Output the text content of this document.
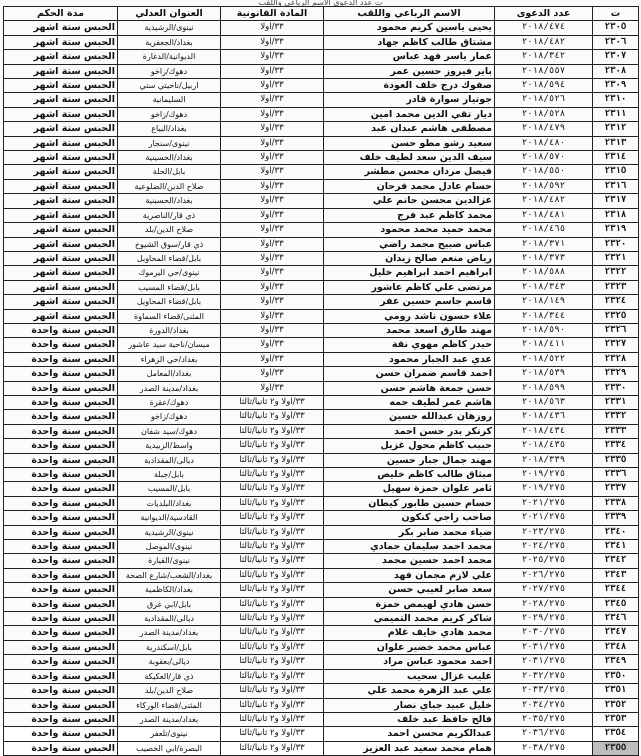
ت عدد الدعوى الاسم الرباعي واللقب
ت	عدد الدعوى	الاسم الرباعي واللقب	المادة القانونية	العنوان العدلي	مدة الحكم
٢٣٠٥	٢٠١٨/٤٧٤	يحيى ياسين كريم محمود	٣٣/اولا	نينوى/الرشيدية	الحبس ستة اشهر
٢٣٠٦	٢٠١٨/٤٨٢	مشتاق طالب كاظم جهاد	٣٣/اولا	بغداد/الجعفرية	الحبس ستة اشهر
٢٣٠٧	٢٠١٨/٣٤٢	عمار ياسر فهد عباس	٣٣/اولا	الديوانية/الدغارة	الحبس ستة اشهر
٢٣٠٨	٢٠١٨/٥٥٧	باير فيروز حسين عمر	٣٣/اولا	دهوك/زاخو	الحبس ستة اشهر
٢٣٠٩	٢٠١٨/٥٩٤	صفوك درج خلف العودة	٣٣/اولا	اربيل/ناحيتي ستي	الحبس ستة اشهر
٢٣١٠	٢٠١٨/٥٢٦	جوتيار سوارة قادر	٣٣/اولا	السليمانية	الحبس ستة اشهر
٢٣١١	٢٠١٨/٥٢٨	ديار تقي الدين محمد امين	٣٣/اولا	دهوك/زاخو	الحبس ستة اشهر
٢٣١٢	٢٠١٨/٤٧٩	مصطفى هاشم عبدان عبد	٣٣/اولا	بغداد/البياع	الحبس ستة اشهر
٢٣١٣	٢٠١٨/٤٨٠	سعيد رشو مطو حسن	٣٣/اولا	نينوى/سنجار	الحبس ستة اشهر
٢٣١٤	٢٠١٨/٥٧٠	سيف الدين سعد لطيف خلف	٣٣/اولا	بغداد/الحسينية	الحبس ستة اشهر
٢٣١٥	٢٠١٨/٥٥٠	فيصل مردان محسن مطشر	٣٣/اولا	بابل/الحلة	الحبس ستة اشهر
٢٣١٦	٢٠١٨/٥٩٢	حسام عادل محمد فرحان	٣٣/اولا	صلاح الدين/الضلوعية	الحبس ستة اشهر
٢٣١٧	٢٠١٨/٤٨٢	عزالدين محسن حاتم علي	٣٣/اولا	بغداد/الحسينية	الحبس ستة اشهر
٢٣١٨	٢٠١٨/٤٨١	محمد كاظم عبد فرج	٣٣/اولا	ذي قار/الناصرية	الحبس ستة اشهر
٢٣١٩	٢٠١٨/٤٦٥	محمد حميد محمد محمود	٣٣/اولا	صلاح الدين/بلد	الحبس ستة اشهر
٢٣٢٠	٢٠١٨/٣٧١	عباس صبيح محمد راضي	٣٣/اولا	ذي قار/سوق الشيوخ	الحبس ستة اشهر
٢٣٢١	٢٠١٨/٣٧٣	رياض منعم صالح زيدان	٣٣/اولا	بابل/قضاء المحاويل	الحبس ستة اشهر
٢٣٢٢	٢٠١٨/٥٨٨	ابراهيم احمد ابراهيم خليل	٣٣/اولا	نينوى/حي اليرموك	الحبس ستة اشهر
٢٣٢٣	٢٠١٨/٣٤٣	مرتضى علي كاظم عاشور	٣٣/اولا	بابل/قضاء المسيب	الحبس ستة اشهر
٢٣٢٤	٢٠١٨/١٤٩	قاسم جاسم حسين عفر	٣٣/اولا	بابل/قضاء المحاويل	الحبس ستة اشهر
٢٣٢٥	٢٠١٨/٣٤٤	علاء حسون ناشد رومي	٣٣/اولا	المثنى/قضاء السماوة	الحبس ستة اشهر
٢٣٢٦	٢٠١٨/٥٩٠	مهند طارق اسعد محمد	٣٣/اولا	بغداد/الدورة	الحبس سنة واحدة
٢٣٢٧	٢٠١٨/٤١١	حيدر كاظم مهوي نقة	٣٣/اولا	ميسان/ناحية سيد عاشور	الحبس سنة واحدة
٢٣٢٨	٢٠١٨/٥٢٢	عدي عبد الجبار محمود	٣٣/اولا	بغداد/حي الزهراء	الحبس سنة واحدة
٢٣٢٩	٢٠١٨/٥٣٩	احمد قاسم ضمران حسن	٣٣/اولا	بغداد/المعامل	الحبس سنة واحدة
٢٣٣٠	٢٠١٨/٥٩٩	حسن جمعة هاشم حسن	٣٣/اولا	بغداد/مدينة الصدر	الحبس سنة واحدة
٢٣٣١	٢٠١٨/٥٦٣	هاشم عمر لطيف حمه	٣٣/اولا و٢ ثانيا/ثالثا	دهوك/عقرة	الحبس سنة واحدة
٢٣٣٢	٢٠١٨/٤٣٦	روزهان عبدالله حسين	٣٣/اولا و٢ ثانيا/ثالثا	دهوك/زاخو	الحبس سنة واحدة
٢٣٣٣	٢٠١٨/٤٣٤	كرنكر بدر حسن احمد	٣٣/اولا و٢ ثانيا/ثالثا	دهوك/سيد شفان	الحبس سنة واحدة
٢٣٣٤	٢٠١٨/٤٣٥	حبيب كاظم محول غزيل	٣٣/اولا و٢ ثانيا/ثالثا	واسط/الزبيدية	الحبس سنة واحدة
٢٣٣٥	٢٠١٨/٣٣٩	مهند جمال جبار حسين	٣٣/اولا و٢ ثانيا/ثالثا	ديالى/المقدادية	الحبس سنة واحدة
٢٣٣٦	٢٠١٩/٢٧٥	ميثاق طالب كاظم خليص	٣٣/اولا و٢ ثانيا/ثالثا	بابل/جبلة	الحبس سنة واحدة
٢٣٣٧	٢٠١٩/٢٧٥	ثامر علوان حمزة سهيل	٣٣/اولا و٢ ثانيا/ثالثا	بابل/المسيب	الحبس سنة واحدة
٢٣٣٨	٢٠٢١/٢٧٥	حسام حسين طابور كيطان	٣٣/اولا و٢ ثانيا/ثالثا	بغداد/البلديات	الحبس سنة واحدة
٢٣٣٩	٢٠٢١/٢٧٥	صاحب راجي كنكون	٣٣/اولا و٢ ثانيا/ثالثا	القادسية/الديوانية	الحبس سنة واحدة
٢٣٤٠	٢٠٢٣/٢٧٥	ضياء محمد صابر بكر	٣٣/اولا و٢ ثانيا/ثالثا	نينوى/الرشيدية	الحبس سنة واحدة
٢٣٤١	٢٠٢٤/٢٧٥	محمد احمد سليمان حمادي	٣٣/اولا و٢ ثانيا/ثالثا	نينوى/الموصل	الحبس سنة واحدة
٢٣٤٢	٢٠٢٥/٢٧٥	محمد احمد حسين محمد	٣٣/اولا و٢ ثانيا/ثالثا	نينوى/القيارة	الحبس سنة واحدة
٢٣٤٣	٢٠٢٦/٢٧٥	علي لازم مجمان فهد	٣٣/اولا و٢ ثانيا/ثالثا	بغداد/الشعب/شارع الصحة	الحبس سنة واحدة
٢٣٤٤	٢٠٢٧/٢٧٥	سعد صابر لعيبي حسن	٣٣/اولا و٢ ثانيا/ثالثا	بغداد/الكاظمية	الحبس سنة واحدة
٢٣٤٥	٢٠٢٨/٢٧٥	حسن هادي لهيمص حمزة	٣٣/اولا و٢ ثانيا/ثالثا	بابل/ابي غرق	الحبس سنة واحدة
٢٣٤٦	٢٠٢٩/٢٧٥	شاكر كريم محمد التميمي	٣٣/اولا و٢ ثانيا/ثالثا	ديالى/المقدادية	الحبس سنة واحدة
٢٣٤٧	٢٠٣٠/٢٧٥	محمد هادي خايف غلام	٣٣/اولا و٢ ثانيا/ثالثا	بغداد/مدينة الصدر	الحبس سنة واحدة
٢٣٤٨	٢٠٣١/٢٧٥	عباس محمد خضير علوان	٣٣/اولا و٢ ثانيا/ثالثا	بابل/اسكندرية	الحبس سنة واحدة
٢٣٤٩	٢٠٣١/٢٧٥	احمد محمود عباس مراد	٣٣/اولا و٢ ثانيا/ثالثا	ديالى/بعقوبة	الحبس سنة واحدة
٢٣٥٠	٢٠٣٢/٢٧٥	غليب غزال سحيب	٣٣/اولا و٢ ثانيا/ثالثا	ذي قار/العكيكة	الحبس سنة واحدة
٢٣٥١	٢٠٣٣/٢٧٥	علي عبد الزهرة محمد علي	٣٣/اولا و٢ ثانيا/ثالثا	صلاح الدين/بلد	الحبس سنة واحدة
٢٣٥٢	٢٠٣٤/٢٧٥	خليل عبيد جباي نصار	٣٣/اولا و٢ ثانيا/ثالثا	المثنى/قضاء الوركاء	الحبس سنة واحدة
٢٣٥٣	٢٠٣٥/٢٧٥	فالح حافظ عبد خلف	٣٣/اولا و٢ ثانيا/ثالثا	بغداد/مدينة الصدر	الحبس سنة واحدة
٢٣٥٤	٢٠٣٦/٢٧٥	عبدالكريم محسن احمد	٣٣/اولا و٢ ثانيا/ثالثا	نينوى/تلعفر	الحبس سنة واحدة
٢٣٥٥	٢٠٣٨/٢٧٥	همام محمد سعيد عبد العزيز	٣٣/اولا و٢ ثانيا/ثالثا	البصرة/ابي الخصيب	الحبس سنة واحدة
